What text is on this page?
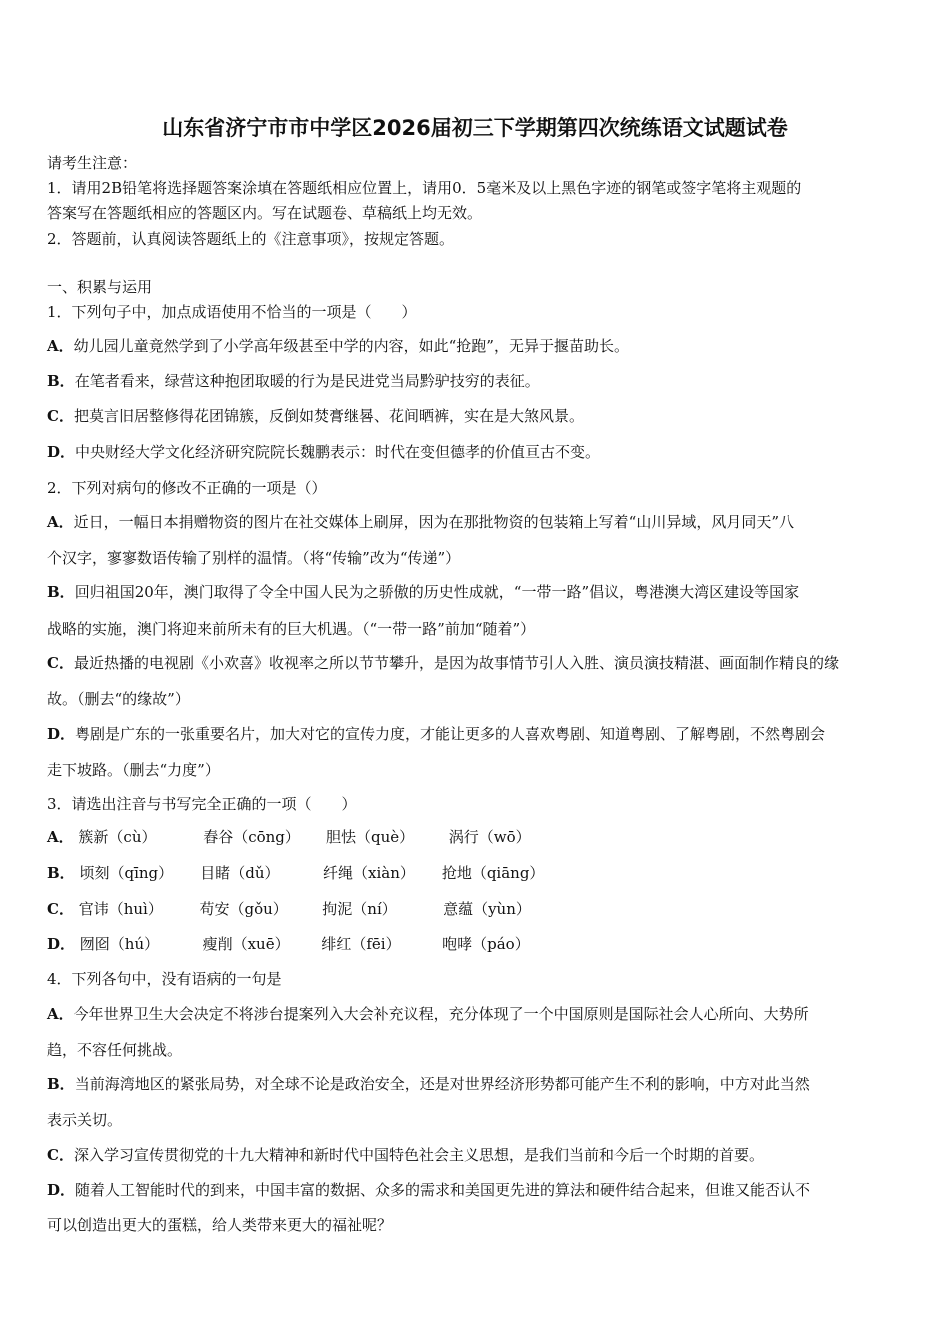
山东省济宁市市中学区2026届初三下学期第四次统练语文试题试卷
请考生注意：
1．请用2B铅笔将选择题答案涂填在答题纸相应位置上，请用0．5毫米及以上黑色字迹的钢笔或签字笔将主观题的
答案写在答题纸相应的答题区内。写在试题卷、草稿纸上均无效。
2．答题前，认真阅读答题纸上的《注意事项》，按规定答题。
一、积累与运用
1．下列句子中，加点成语使用不恰当的一项是（　　）
A．幼儿园儿童竟然学到了小学高年级甚至中学的内容，如此“抢跑”，无异于揠苗助长。
B．在笔者看来，绿营这种抱团取暖的行为是民进党当局黔驴技穷的表征。
C．把莫言旧居整修得花团锦簇，反倒如焚膏继晷、花间晒裤，实在是大煞风景。
D．中央财经大学文化经济研究院院长魏鹏表示：时代在变但德孝的价值亘古不变。
2．下列对病句的修改不正确的一项是（）
A．近日，一幅日本捐赠物资的图片在社交媒体上刷屏，因为在那批物资的包装箱上写着“山川异域，风月同天”八
个汉字，寥寥数语传输了别样的温情。（将“传输”改为“传递”）
B．回归祖国20年，澳门取得了令全中国人民为之骄傲的历史性成就，“一带一路”倡议，粤港澳大湾区建设等国家
战略的实施，澳门将迎来前所未有的巨大机遇。（“一带一路”前加“随着”）
C．最近热播的电视剧《小欢喜》收视率之所以节节攀升，是因为故事情节引人入胜、演员演技精湛、画面制作精良的缘
故。（删去“的缘故”）
D．粤剧是广东的一张重要名片，加大对它的宣传力度，才能让更多的人喜欢粤剧、知道粤剧、了解粤剧，不然粤剧会
走下坡路。（删去“力度”）
3．请选出注音与书写完全正确的一项（　　）
A． 簇新（cù）	舂谷（cōng） 胆怯（què） 涡行（wō）
B． 顷刻（qīng） 目睹（dǔ）	纤绳（xiàn） 抢地（qiāng）
C． 官讳（huì） 苟安（gǒu） 拘泥（ní）	意蕴（yùn）
D． 囫囵（hú）	瘦削（xuē） 绯红（fēi）	咆哮（páo）
4．下列各句中，没有语病的一句是
A．今年世界卫生大会决定不将涉台提案列入大会补充议程，充分体现了一个中国原则是国际社会人心所向、大势所
趋，不容任何挑战。
B．当前海湾地区的紧张局势，对全球不论是政治安全，还是对世界经济形势都可能产生不利的影响，中方对此当然
表示关切。
C．深入学习宣传贯彻党的十九大精神和新时代中国特色社会主义思想，是我们当前和今后一个时期的首要。
D．随着人工智能时代的到来，中国丰富的数据、众多的需求和美国更先进的算法和硬件结合起来，但谁又能否认不
可以创造出更大的蛋糕，给人类带来更大的福祉呢？
